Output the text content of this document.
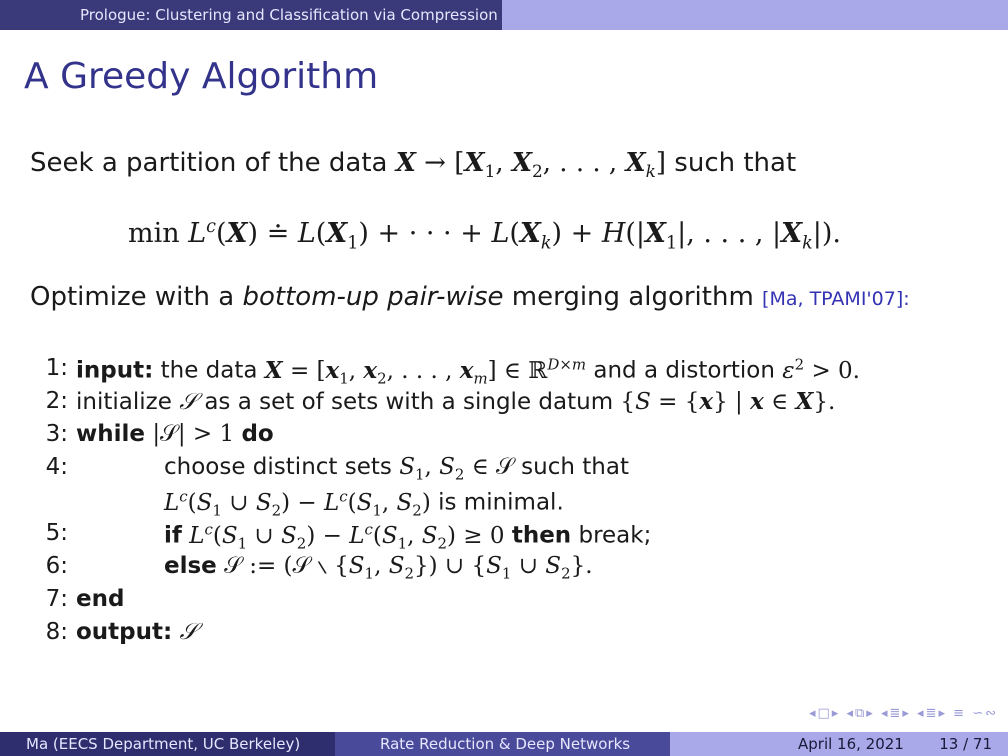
Prologue: Clustering and Classification via Compression
A Greedy Algorithm
Seek a partition of the data $X \to [X_1$, $X_2$, . . . , $X_k$] such that
$\min L^c(X)$ ≐ $L(X_1)$ + · · · + $L(X_k) + H(|X_1|$, . . . , $|X_k|$).
Optimize with a bottom-up pair-wise merging algorithm [Ma, TPAMI'07]:
1: input: the data $X = [x_1$, $x_2$, . . . , $x_m$] ∈ ℝ$^{D\times m}$ and a distortion $\varepsilon^2 > 0$.
2: initialize 𝒮 as a set of sets with a single datum {S = {x} | x ∈ X}.
3: while |𝒮| > 1 do
4:	choose distinct sets $S_1$, $S_2$ ∈ 𝒮 such that
$L^c(S_1$ ∪ $S_2) - L^c(S_1$, $S_2$) is minimal.
5:	if $L^c(S_1$ ∪ $S_2) - L^c(S_1$, $S_2) \ge 0$ then break;
6:	else 𝒮 := (𝒮 ∖ {$S_1$, $S_2$}) ∪ {$S_1$ ∪ $S_2$}.
7: end
8: output: 𝒮
◂□▸ ◂⧉▸ ◂≣▸ ◂≣▸ ≡ ∽∾
Ma (EECS Department, UC Berkeley)	Rate Reduction & Deep Networks	April 16, 2021 13 / 71
